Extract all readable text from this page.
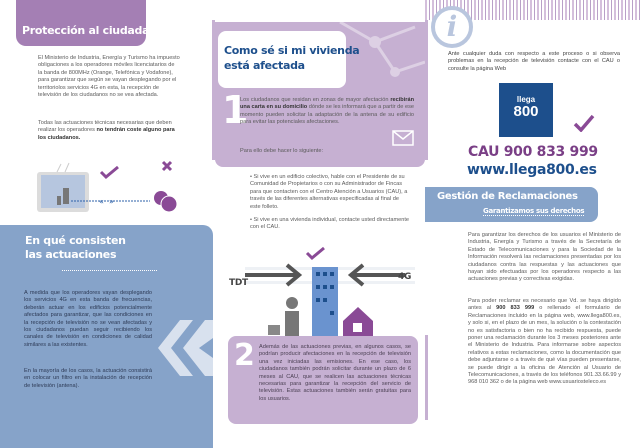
Protección al ciudadano
El Ministerio de Industria, Energía y Turismo ha impuesto obligaciones a los operadores móviles licenciatarios de la banda de 800MHz (Orange, Telefónica y Vodafone), para garantizar que según se vayan desplegando por el territoriolos servicios 4G en esta, la recepción de televisión de los ciudadanos no se vea afectada.
Todas las actuaciones técnicas necesarias que deben realizar los operadores no tendrán coste alguno para los ciudadanos.
«··»
En qué consisten
las actuaciones
A medida que los operadores vayan desplegando los servicios 4G en esta banda de frecuencias, deberán actuar en los edificios potencialmente afectados para garantizar, que las condiciones en la recepción de televisión no se vean afectadas y los ciudadanos puedan seguir recibiendo los canales de televisión en condiciones de calidad similares a las existentes.
En la mayoría de los casos, la actuación consistirá en colocar un filtro en la instalación de recepción de televisión (antena).
Como sé si mi vivienda
está afectada
1
Los ciudadanos que residan en zonas de mayor afectación recibirán una carta en su domicilio dónde se les informará que a partir de ese momento pueden solicitar la adaptación de la antena de su edificio para evitar las potenciales afectaciones.
Para ello debe hacer lo siguiente:
• Si vive en un edificio colectivo, hable con el Presidente de su Comunidad de Propietarios o con su Administrador de Fincas para que contacten con el Centro Atención a Usuarios (CAU), a través de las diferentes alternativas especificadas al final de este folleto.
• Si vive en una vivienda individual, contacte usted directamente con el CAU.
TDT
4G
2 Además de las actuaciones previas, en algunos casos, se podrían producir afectaciones en la recepción de televisión una vez iniciadas las emisiones. En ese caso, los ciudadanos también podrán solicitar durante un plazo de 6 meses al CAU, que se realicen las actuaciones técnicas necesarias para garantizar la recepción del servicio de televisión. Estas actuaciones también serán gratuitas para los usuarios.
i
Ante cualquier duda con respecto a este proceso o si observa problemas en la recepción de televisión contacte con el CAU o consulte la página Web
llega
800
CAU 900 833 999
www.llega800.es
Gestión de Reclamaciones
Garantizamos sus derechos
Para garantizar los derechos de los usuarios el Ministerio de Industria, Energía y Turismo a través de la Secretaría de Estado de Telecomunicaciones y para la Sociedad de la Información resolverá las reclamaciones presentadas por los ciudadanos contra las respuestas y las actuaciones que hayan sido efectuadas por los operadores respecto a las actuaciones previas y correctivas exigidas.
Para poder reclamar es necesario que Vd. se haya dirigido antes al 900 833 999 o rellenado el formulario de Reclamaciones incluido en la página web, www.llega800.es, y solo si, en el plazo de un mes, la solución o la contestación no es satisfactoria o bien no ha recibido respuesta, puede poner una reclamación durante los 3 meses posteriores ante el Ministerio de Industria. Para informarse sobre aspectos relativos a estas reclamaciones, como la documentación que debe adjuntarse o a través de qué vías pueden presentarse, se puede dirigir a la oficina de Atención al Usuario de Telecomunicaciones, a través de los teléfonos 901.33.66.99 y 968 010 362 o de la página web www.usuariosteleco.es
